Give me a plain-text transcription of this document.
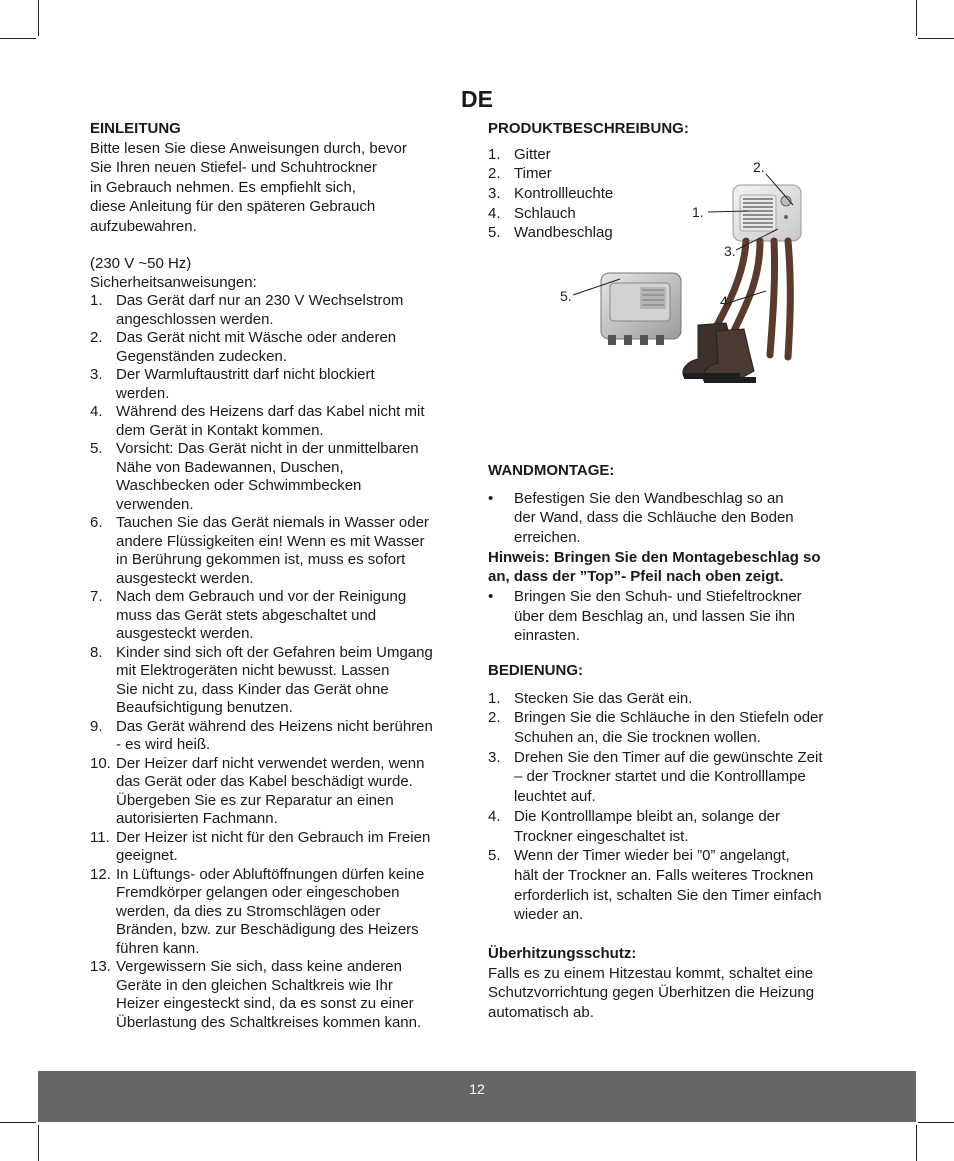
DE
EINLEITUNG
Bitte lesen Sie diese Anweisungen durch, bevor
Sie Ihren neuen Stiefel- und Schuhtrockner
in Gebrauch nehmen. Es empfiehlt sich,
diese Anleitung für den späteren Gebrauch
aufzubewahren.
(230 V ~50 Hz)
Sicherheitsanweisungen:
1. Das Gerät darf nur an 230 V Wechselstrom
angeschlossen werden.
2. Das Gerät nicht mit Wäsche oder anderen
Gegenständen zudecken.
3. Der Warmluftaustritt darf nicht blockiert
werden.
4. Während des Heizens darf das Kabel nicht mit
dem Gerät in Kontakt kommen.
5. Vorsicht: Das Gerät nicht in der unmittelbaren
Nähe von Badewannen, Duschen,
Waschbecken oder Schwimmbecken
verwenden.
6. Tauchen Sie das Gerät niemals in Wasser oder
andere Flüssigkeiten ein! Wenn es mit Wasser
in Berührung gekommen ist, muss es sofort
ausgesteckt werden.
7. Nach dem Gebrauch und vor der Reinigung
muss das Gerät stets abgeschaltet und
ausgesteckt werden.
8. Kinder sind sich oft der Gefahren beim Umgang
mit Elektrogeräten nicht bewusst. Lassen
Sie nicht zu, dass Kinder das Gerät ohne
Beaufsichtigung benutzen.
9. Das Gerät während des Heizens nicht berühren
- es wird heiß.
10. Der Heizer darf nicht verwendet werden, wenn
das Gerät oder das Kabel beschädigt wurde.
Übergeben Sie es zur Reparatur an einen
autorisierten Fachmann.
11. Der Heizer ist nicht für den Gebrauch im Freien
geeignet.
12. In Lüftungs- oder Abluftöffnungen dürfen keine
Fremdkörper gelangen oder eingeschoben
werden, da dies zu Stromschlägen oder
Bränden, bzw. zur Beschädigung des Heizers
führen kann.
13. Vergewissern Sie sich, dass keine anderen
Geräte in den gleichen Schaltkreis wie Ihr
Heizer eingesteckt sind, da es sonst zu einer
Überlastung des Schaltkreises kommen kann.
PRODUKTBESCHREIBUNG:
1. Gitter
2. Timer
3. Kontrollleuchte
4. Schlauch
5. Wandbeschlag
WANDMONTAGE:
• Befestigen Sie den Wandbeschlag so an
der Wand, dass die Schläuche den Boden
erreichen.
Hinweis: Bringen Sie den Montagebeschlag so
an, dass der ”Top”- Pfeil nach oben zeigt.
• Bringen Sie den Schuh- und Stiefeltrockner
über dem Beschlag an, und lassen Sie ihn
einrasten.
BEDIENUNG:
1. Stecken Sie das Gerät ein.
2. Bringen Sie die Schläuche in den Stiefeln oder
Schuhen an, die Sie trocknen wollen.
3. Drehen Sie den Timer auf die gewünschte Zeit
– der Trockner startet und die Kontrolllampe
leuchtet auf.
4. Die Kontrolllampe bleibt an, solange der
Trockner eingeschaltet ist.
5. Wenn der Timer wieder bei ”0” angelangt,
hält der Trockner an. Falls weiteres Trocknen
erforderlich ist, schalten Sie den Timer einfach
wieder an.
Überhitzungsschutz:
Falls es zu einem Hitzestau kommt, schaltet eine
Schutzvorrichtung gegen Überhitzen die Heizung
automatisch ab.
1.
2.
3.
4.
5.
12
